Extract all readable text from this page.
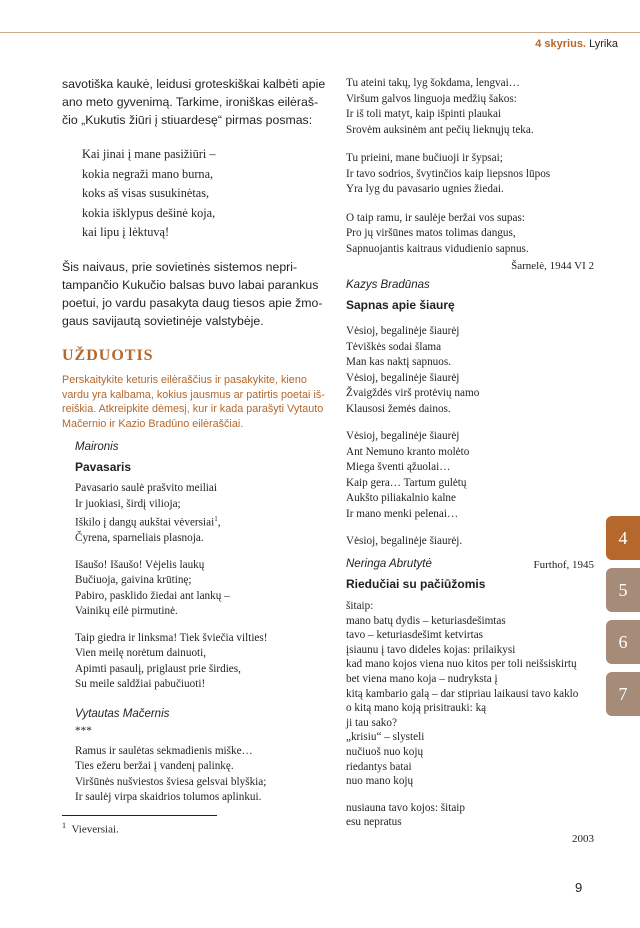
4 skyrius. Lyrika
savotiška kaukė, leidusi groteskiškai kalbėti apie
ano meto gyvenimą. Tarkime, ironiškas eilėraš-
čio „Kukutis žiūri į stiuardesę“ pirmas posmas:
Kai jinai į mane pasižiūri –
kokia negraži mano burna,
koks aš visas susukinėtas,
kokia išklypus dešinė koja,
kai lipu į lėktuvą!
Šis naivaus, prie sovietinės sistemos nepri-
tampančio Kukučio balsas buvo labai parankus
poetui, jo vardu pasakyta daug tiesos apie žmo-
gaus savijautą sovietinėje valstybėje.
UŽDUOTIS
Perskaitykite keturis eilėraščius ir pasakykite, kieno
vardu yra kalbama, kokius jausmus ar patirtis poetai iš-
reiškia. Atkreipkite dėmesį, kur ir kada parašyti Vytauto
Mačernio ir Kazio Bradūno eilėraščiai.
Maironis
Pavasaris
Pavasario saulė prašvito meiliai
Ir juokiasi, širdį vilioja;
Iškilo į dangų aukštai vėversiai$^1$,
Čyrena, sparneliais plasnoja.
Išaušo! Išaušo! Vėjelis laukų
Bučiuoja, gaivina krūtinę;
Pabiro, pasklido žiedai ant lankų –
Vainikų eilė pirmutinė.
Taip giedra ir linksma! Tiek šviečia vilties!
Vien meilę norėtum dainuoti,
Apimti pasaulį, priglaust prie širdies,
Su meile saldžiai pabučiuoti!
Vytautas Mačernis
***
Ramus ir saulėtas sekmadienis miške…
Ties ežeru beržai į vandenį palinkę.
Viršūnės nušviestos šviesa gelsvai blyškia;
Ir saulėj virpa skaidrios tolumos aplinkui.
$^1$ Vieversiai.
Tu ateini takų, lyg šokdama, lengvai…
Viršum galvos linguoja medžių šakos:
Ir iš toli matyt, kaip išpinti plaukai
Srovėm auksinėm ant pečių lieknųjų teka.
Tu prieini, mane bučiuoji ir šypsai;
Ir tavo sodrios, švytinčios kaip liepsnos lūpos
Yra lyg du pavasario ugnies žiedai.
O taip ramu, ir saulėje beržai vos supas:
Pro jų viršūnes matos tolimas dangus,
Sapnuojantis kaitraus vidudienio sapnus.
Šarnelė, 1944 VI 2
Kazys Bradūnas
Sapnas apie šiaurę
Vėsioj, begalinėje šiaurėj
Tėviškės sodai šlama
Man kas naktį sapnuos.
Vėsioj, begalinėje šiaurėj
Žvaigždės virš protėvių namo
Klausosi žemės dainos.
Vėsioj, begalinėje šiaurėj
Ant Nemuno kranto molėto
Miega šventi ąžuolai…
Kaip gera… Tartum gulėtų
Aukšto piliakalnio kalne
Ir mano menki pelenai…
Vėsioj, begalinėje šiaurėj.
Furthof, 1945
Neringa Abrutytė
Riedučiai su pačiūžomis
šitaip:
mano batų dydis – keturiasdešimtas
tavo – keturiasdešimt ketvirtas
įsiaunu į tavo dideles kojas: prilaikysi
kad mano kojos viena nuo kitos per toli neišsiskirtų
bet viena mano koja – nudryksta į
kitą kambario galą – dar stipriau laikausi tavo kaklo
o kitą mano koją prisitrauki: ką
ji tau sako?
„krisiu“ – slysteli
nučiuoš nuo kojų
riedantys batai
nuo mano kojų
nusiauna tavo kojos: šitaip
esu nepratus
2003
4
5
6
7
9
